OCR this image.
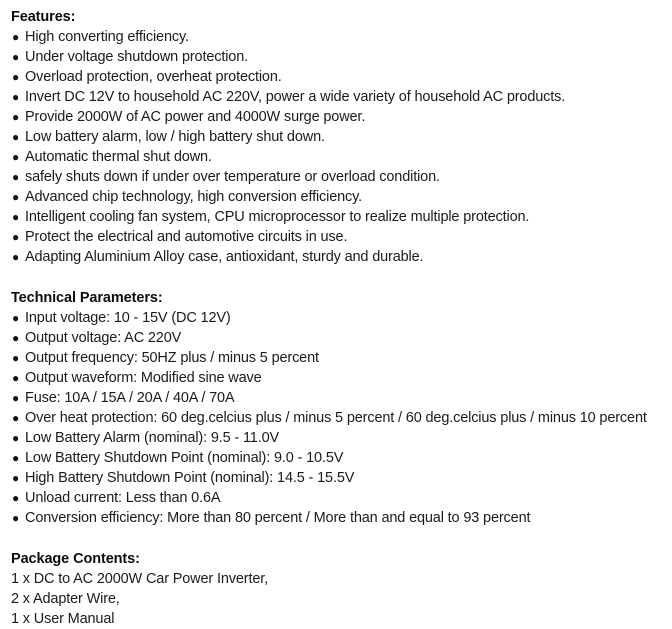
Features:
● High converting efficiency.
● Under voltage shutdown protection.
● Overload protection, overheat protection.
● Invert DC 12V to household AC 220V, power a wide variety of household AC products.
● Provide 2000W of AC power and 4000W surge power.
● Low battery alarm, low / high battery shut down.
● Automatic thermal shut down.
● safely shuts down if under over temperature or overload condition.
● Advanced chip technology, high conversion efficiency.
● Intelligent cooling fan system, CPU microprocessor to realize multiple protection.
● Protect the electrical and automotive circuits in use.
● Adapting Aluminium Alloy case, antioxidant, sturdy and durable.
Technical Parameters:
● Input voltage: 10 - 15V (DC 12V)
● Output voltage: AC 220V
● Output frequency: 50HZ plus / minus 5 percent
● Output waveform: Modified sine wave
● Fuse: 10A / 15A / 20A / 40A / 70A
● Over heat protection: 60 deg.celcius plus / minus 5 percent / 60 deg.celcius plus / minus 10 percent
● Low Battery Alarm (nominal): 9.5 - 11.0V
● Low Battery Shutdown Point (nominal): 9.0 - 10.5V
● High Battery Shutdown Point (nominal): 14.5 - 15.5V
● Unload current: Less than 0.6A
● Conversion efficiency: More than 80 percent / More than and equal to 93 percent
Package Contents:
1 x DC to AC 2000W Car Power Inverter,
2 x Adapter Wire,
1 x User Manual
